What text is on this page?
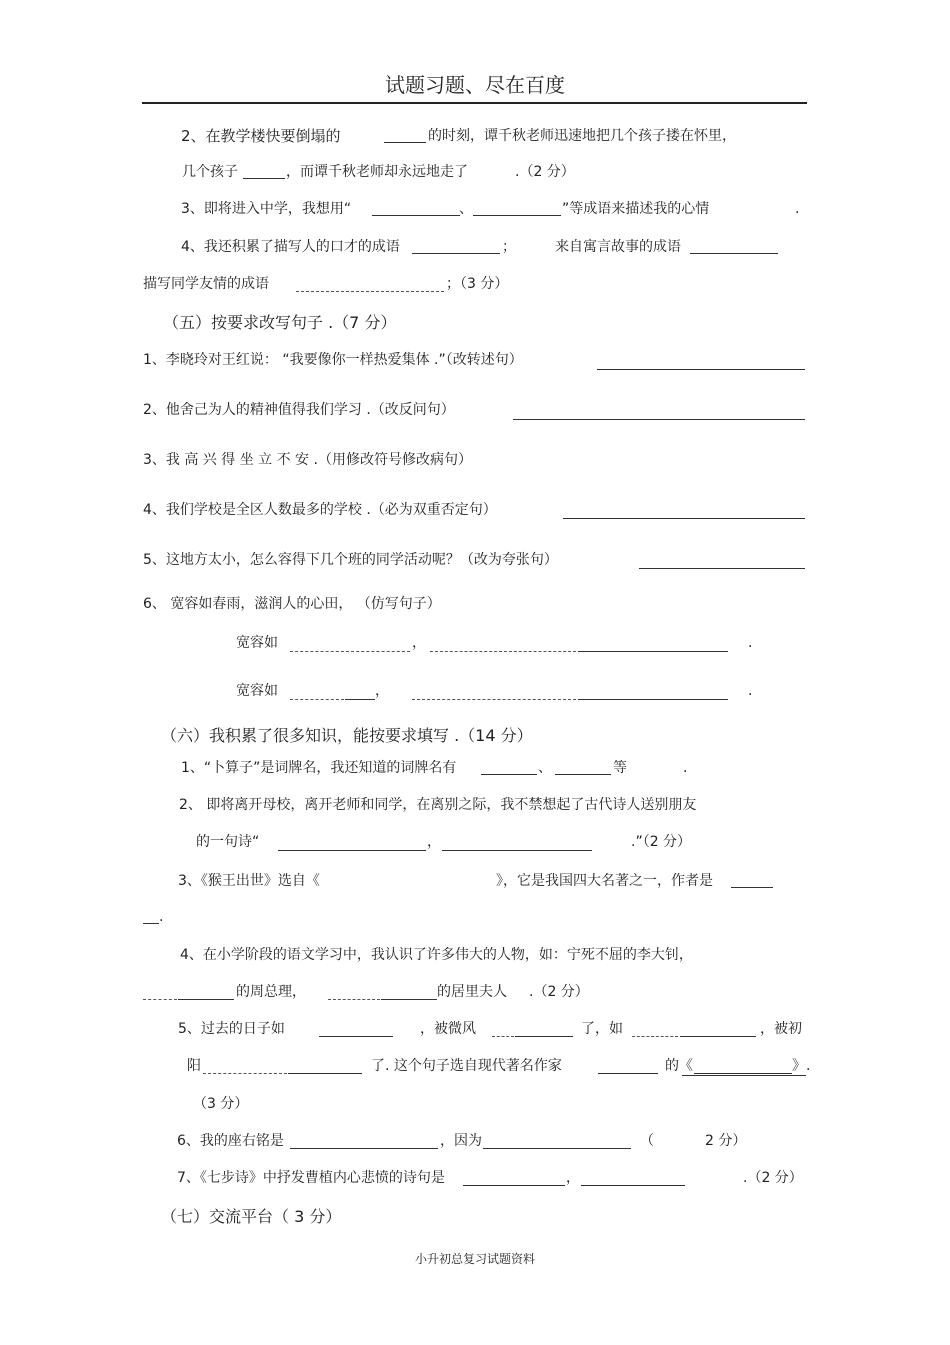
试题习题、尽在百度
2、在教学楼快要倒塌的	的时刻，谭千秋老师迅速地把几个孩子搂在怀里，
几个孩子	，而谭千秋老师却永远地走了	.（2 分）
3、即将进入中学，我想用“	、	”等成语来描述我的心情	.
4、我还积累了描写人的口才的成语	；	来自寓言故事的成语
描写同学友情的成语	；（3 分）
（五）按要求改写句子 .（7 分）
1、李晓玲对王红说： “我要像你一样热爱集体 .”（改转述句）
2、他舍己为人的精神值得我们学习 .（改反问句）
3、我 高 兴 得 坐 立 不 安 .（用修改符号修改病句）
4、我们学校是全区人数最多的学校 .（必为双重否定句）
5、这地方太小，怎么容得下几个班的同学活动呢？（改为夸张句）
6、 宽容如春雨，滋润人的心田， （仿写句子）
宽容如	，	.
宽容如	，	.
（六）我积累了很多知识，能按要求填写 .（14 分）
1、“卜算子”是词牌名，我还知道的词牌名有	、	等	.
2、 即将离开母校，离开老师和同学，在离别之际，我不禁想起了古代诗人送别朋友
的一句诗“	，	.”（2 分）
3、《猴王出世》选自《	》，它是我国四大名著之一，作者是
.
4、在小学阶段的语文学习中，我认识了许多伟大的人物，如：宁死不屈的李大钊，
的周总理，	的居里夫人 .（2 分）
5、过去的日子如	，被微风	了，如	，被初
阳	了. 这个句子选自现代著名作家	的《	》.
（3 分）
6、我的座右铭是	，因为	（	2 分）
7、《七步诗》中抒发曹植内心悲愤的诗句是	，	.（2 分）
（七）交流平台（ 3 分）
小升初总复习试题资料
